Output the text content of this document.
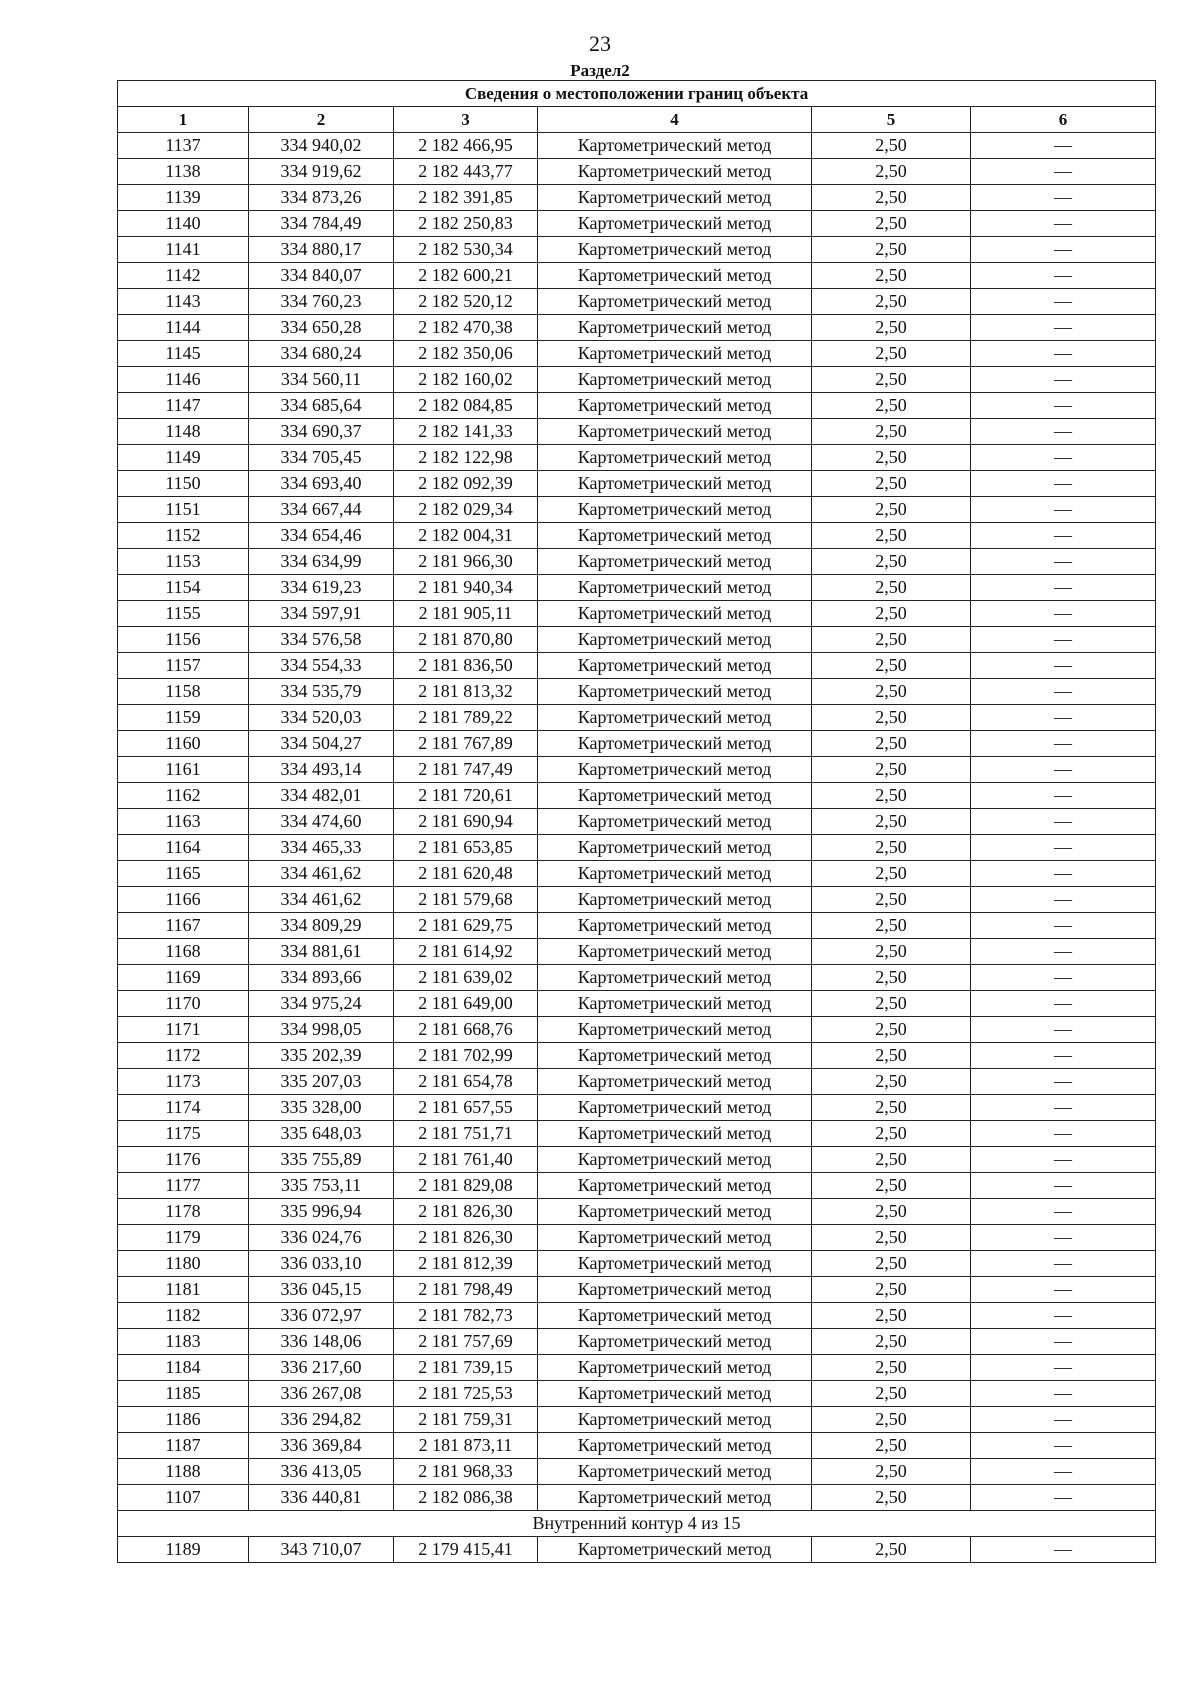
23
Раздел2
Сведения о местоположении границ объекта					
1	2	3	4	5	6
1137	334 940,02	2 182 466,95	Картометрический метод	2,50	—
1138	334 919,62	2 182 443,77	Картометрический метод	2,50	—
1139	334 873,26	2 182 391,85	Картометрический метод	2,50	—
1140	334 784,49	2 182 250,83	Картометрический метод	2,50	—
1141	334 880,17	2 182 530,34	Картометрический метод	2,50	—
1142	334 840,07	2 182 600,21	Картометрический метод	2,50	—
1143	334 760,23	2 182 520,12	Картометрический метод	2,50	—
1144	334 650,28	2 182 470,38	Картометрический метод	2,50	—
1145	334 680,24	2 182 350,06	Картометрический метод	2,50	—
1146	334 560,11	2 182 160,02	Картометрический метод	2,50	—
1147	334 685,64	2 182 084,85	Картометрический метод	2,50	—
1148	334 690,37	2 182 141,33	Картометрический метод	2,50	—
1149	334 705,45	2 182 122,98	Картометрический метод	2,50	—
1150	334 693,40	2 182 092,39	Картометрический метод	2,50	—
1151	334 667,44	2 182 029,34	Картометрический метод	2,50	—
1152	334 654,46	2 182 004,31	Картометрический метод	2,50	—
1153	334 634,99	2 181 966,30	Картометрический метод	2,50	—
1154	334 619,23	2 181 940,34	Картометрический метод	2,50	—
1155	334 597,91	2 181 905,11	Картометрический метод	2,50	—
1156	334 576,58	2 181 870,80	Картометрический метод	2,50	—
1157	334 554,33	2 181 836,50	Картометрический метод	2,50	—
1158	334 535,79	2 181 813,32	Картометрический метод	2,50	—
1159	334 520,03	2 181 789,22	Картометрический метод	2,50	—
1160	334 504,27	2 181 767,89	Картометрический метод	2,50	—
1161	334 493,14	2 181 747,49	Картометрический метод	2,50	—
1162	334 482,01	2 181 720,61	Картометрический метод	2,50	—
1163	334 474,60	2 181 690,94	Картометрический метод	2,50	—
1164	334 465,33	2 181 653,85	Картометрический метод	2,50	—
1165	334 461,62	2 181 620,48	Картометрический метод	2,50	—
1166	334 461,62	2 181 579,68	Картометрический метод	2,50	—
1167	334 809,29	2 181 629,75	Картометрический метод	2,50	—
1168	334 881,61	2 181 614,92	Картометрический метод	2,50	—
1169	334 893,66	2 181 639,02	Картометрический метод	2,50	—
1170	334 975,24	2 181 649,00	Картометрический метод	2,50	—
1171	334 998,05	2 181 668,76	Картометрический метод	2,50	—
1172	335 202,39	2 181 702,99	Картометрический метод	2,50	—
1173	335 207,03	2 181 654,78	Картометрический метод	2,50	—
1174	335 328,00	2 181 657,55	Картометрический метод	2,50	—
1175	335 648,03	2 181 751,71	Картометрический метод	2,50	—
1176	335 755,89	2 181 761,40	Картометрический метод	2,50	—
1177	335 753,11	2 181 829,08	Картометрический метод	2,50	—
1178	335 996,94	2 181 826,30	Картометрический метод	2,50	—
1179	336 024,76	2 181 826,30	Картометрический метод	2,50	—
1180	336 033,10	2 181 812,39	Картометрический метод	2,50	—
1181	336 045,15	2 181 798,49	Картометрический метод	2,50	—
1182	336 072,97	2 181 782,73	Картометрический метод	2,50	—
1183	336 148,06	2 181 757,69	Картометрический метод	2,50	—
1184	336 217,60	2 181 739,15	Картометрический метод	2,50	—
1185	336 267,08	2 181 725,53	Картометрический метод	2,50	—
1186	336 294,82	2 181 759,31	Картометрический метод	2,50	—
1187	336 369,84	2 181 873,11	Картометрический метод	2,50	—
1188	336 413,05	2 181 968,33	Картометрический метод	2,50	—
1107	336 440,81	2 182 086,38	Картометрический метод	2,50	—
Внутренний контур 4 из 15					
1189	343 710,07	2 179 415,41	Картометрический метод	2,50	—
